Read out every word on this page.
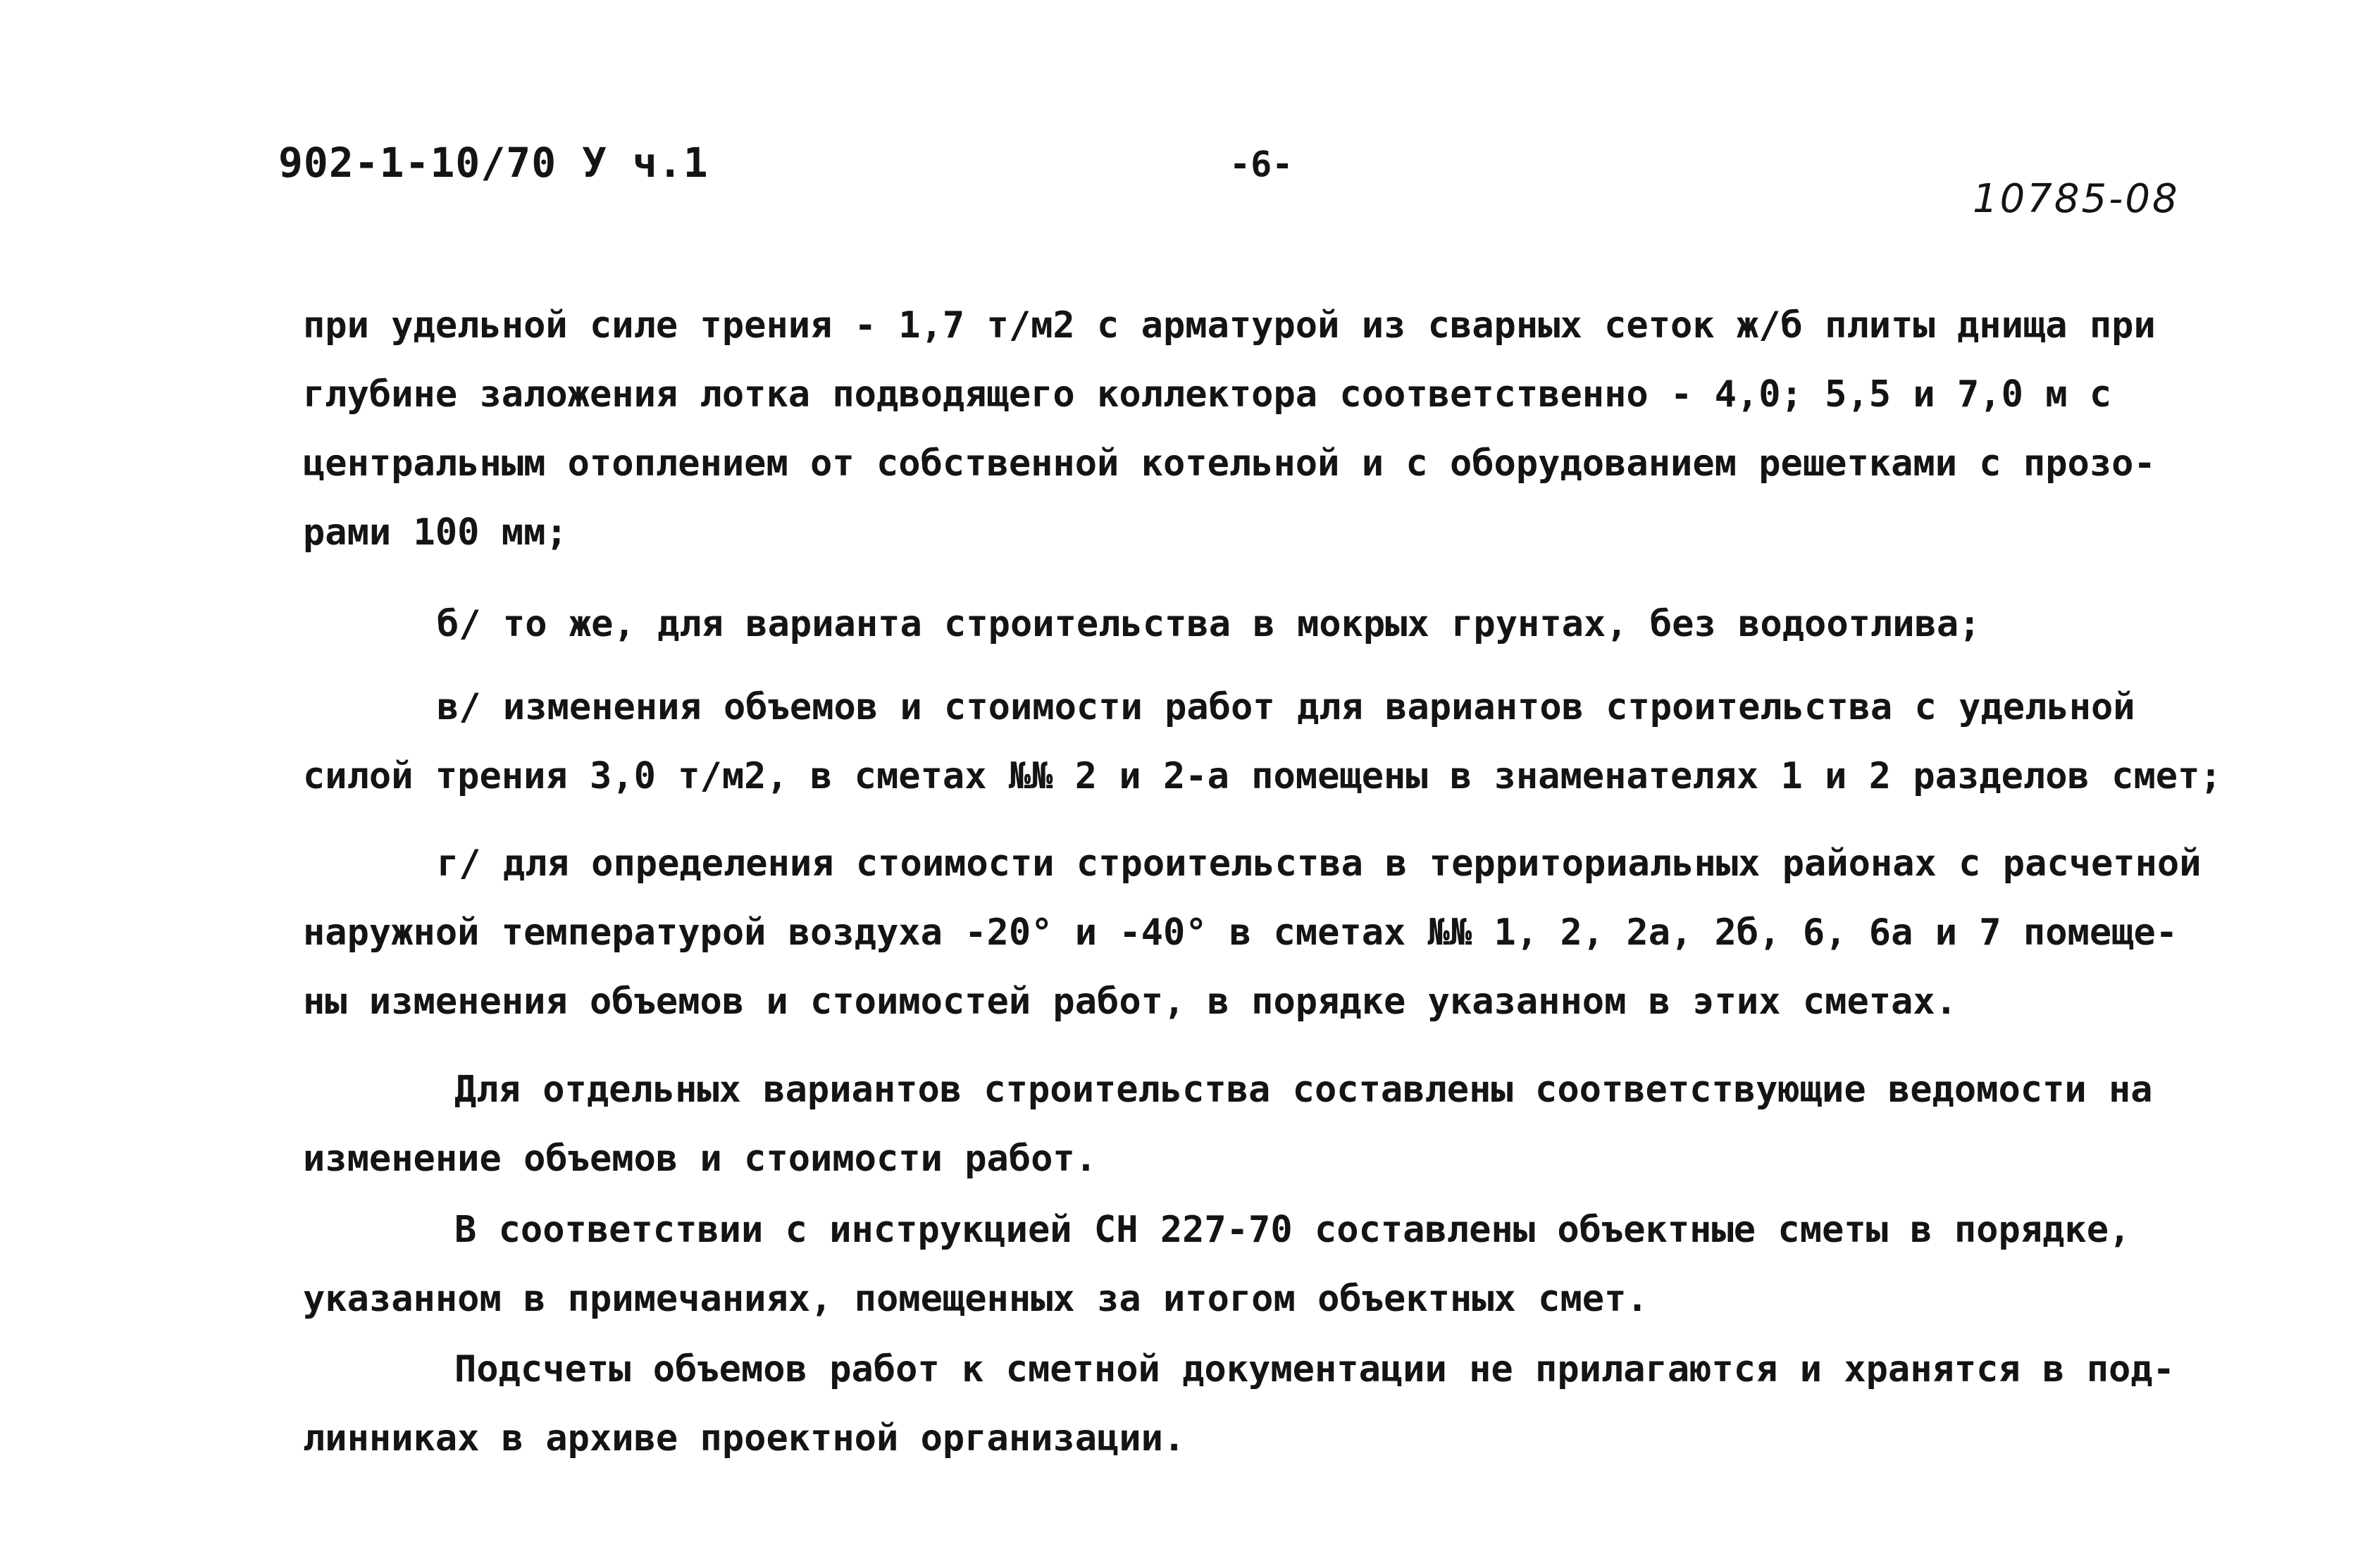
902-1-10/70 У ч.1	-6-
10785-08
при удельной силе трения - 1,7 т/м2 с арматурой из сварных сеток ж/б плиты днища при
глубине заложения лотка подводящего коллектора соответственно - 4,0; 5,5 и 7,0 м с
центральным отоплением от собственной котельной и с оборудованием решетками с прозо-
рами 100 мм;
б/ то же, для варианта строительства в мокрых грунтах, без водоотлива;
в/ изменения объемов и стоимости работ для вариантов строительства с удельной
силой трения 3,0 т/м2, в сметах №№ 2 и 2-а помещены в знаменателях 1 и 2 разделов смет;
г/ для определения стоимости строительства в территориальных районах с расчетной
наружной температурой воздуха -20° и -40° в сметах №№ 1, 2, 2а, 2б, 6, 6а и 7 помеще-
ны изменения объемов и стоимостей работ, в порядке указанном в этих сметах.
Для отдельных вариантов строительства составлены соответствующие ведомости на
изменение объемов и стоимости работ.
В соответствии с инструкцией СН 227-70 составлены объектные сметы в порядке,
указанном в примечаниях, помещенных за итогом объектных смет.
Подсчеты объемов работ к сметной документации не прилагаются и хранятся в под-
линниках в архиве проектной организации.
